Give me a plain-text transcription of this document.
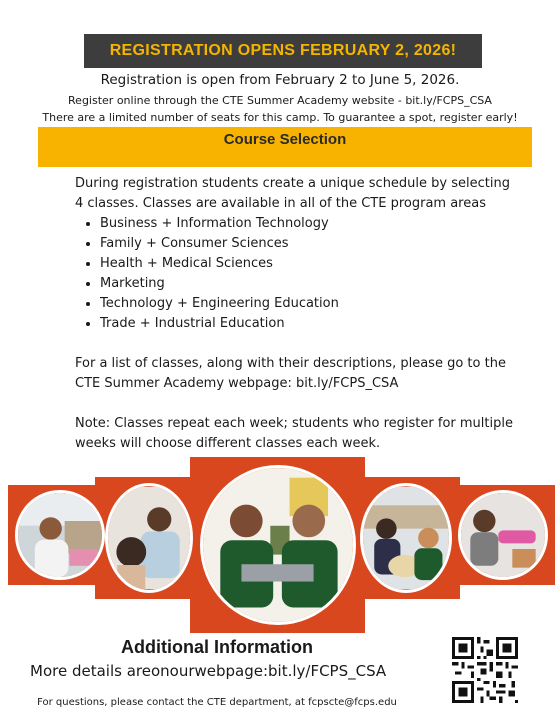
REGISTRATION OPENS FEBRUARY 2, 2026!
Registration is open from February 2 to June 5, 2026.
Register online through the CTE Summer Academy website - bit.ly/FCPS_CSA
There are a limited number of seats for this camp. To guarantee a spot, register early!
Course Selection

During registration students create a unique schedule by selecting 4 classes. Classes are available in all of the CTE program areas

• Business + Information Technology
• Family + Consumer Sciences
• Health + Medical Sciences
• Marketing
• Technology + Engineering Education
• Trade + Industrial Education

For a list of classes, along with their descriptions, please go to the CTE Summer Academy webpage: bit.ly/FCPS_CSA

Note: Classes repeat each week; students who register for multiple weeks will choose different classes each week.

Additional Information
More details areonourwebpage:bit.ly/FCPS_CSA
For questions, please contact the CTE department, at fcpscte@fcps.edu
